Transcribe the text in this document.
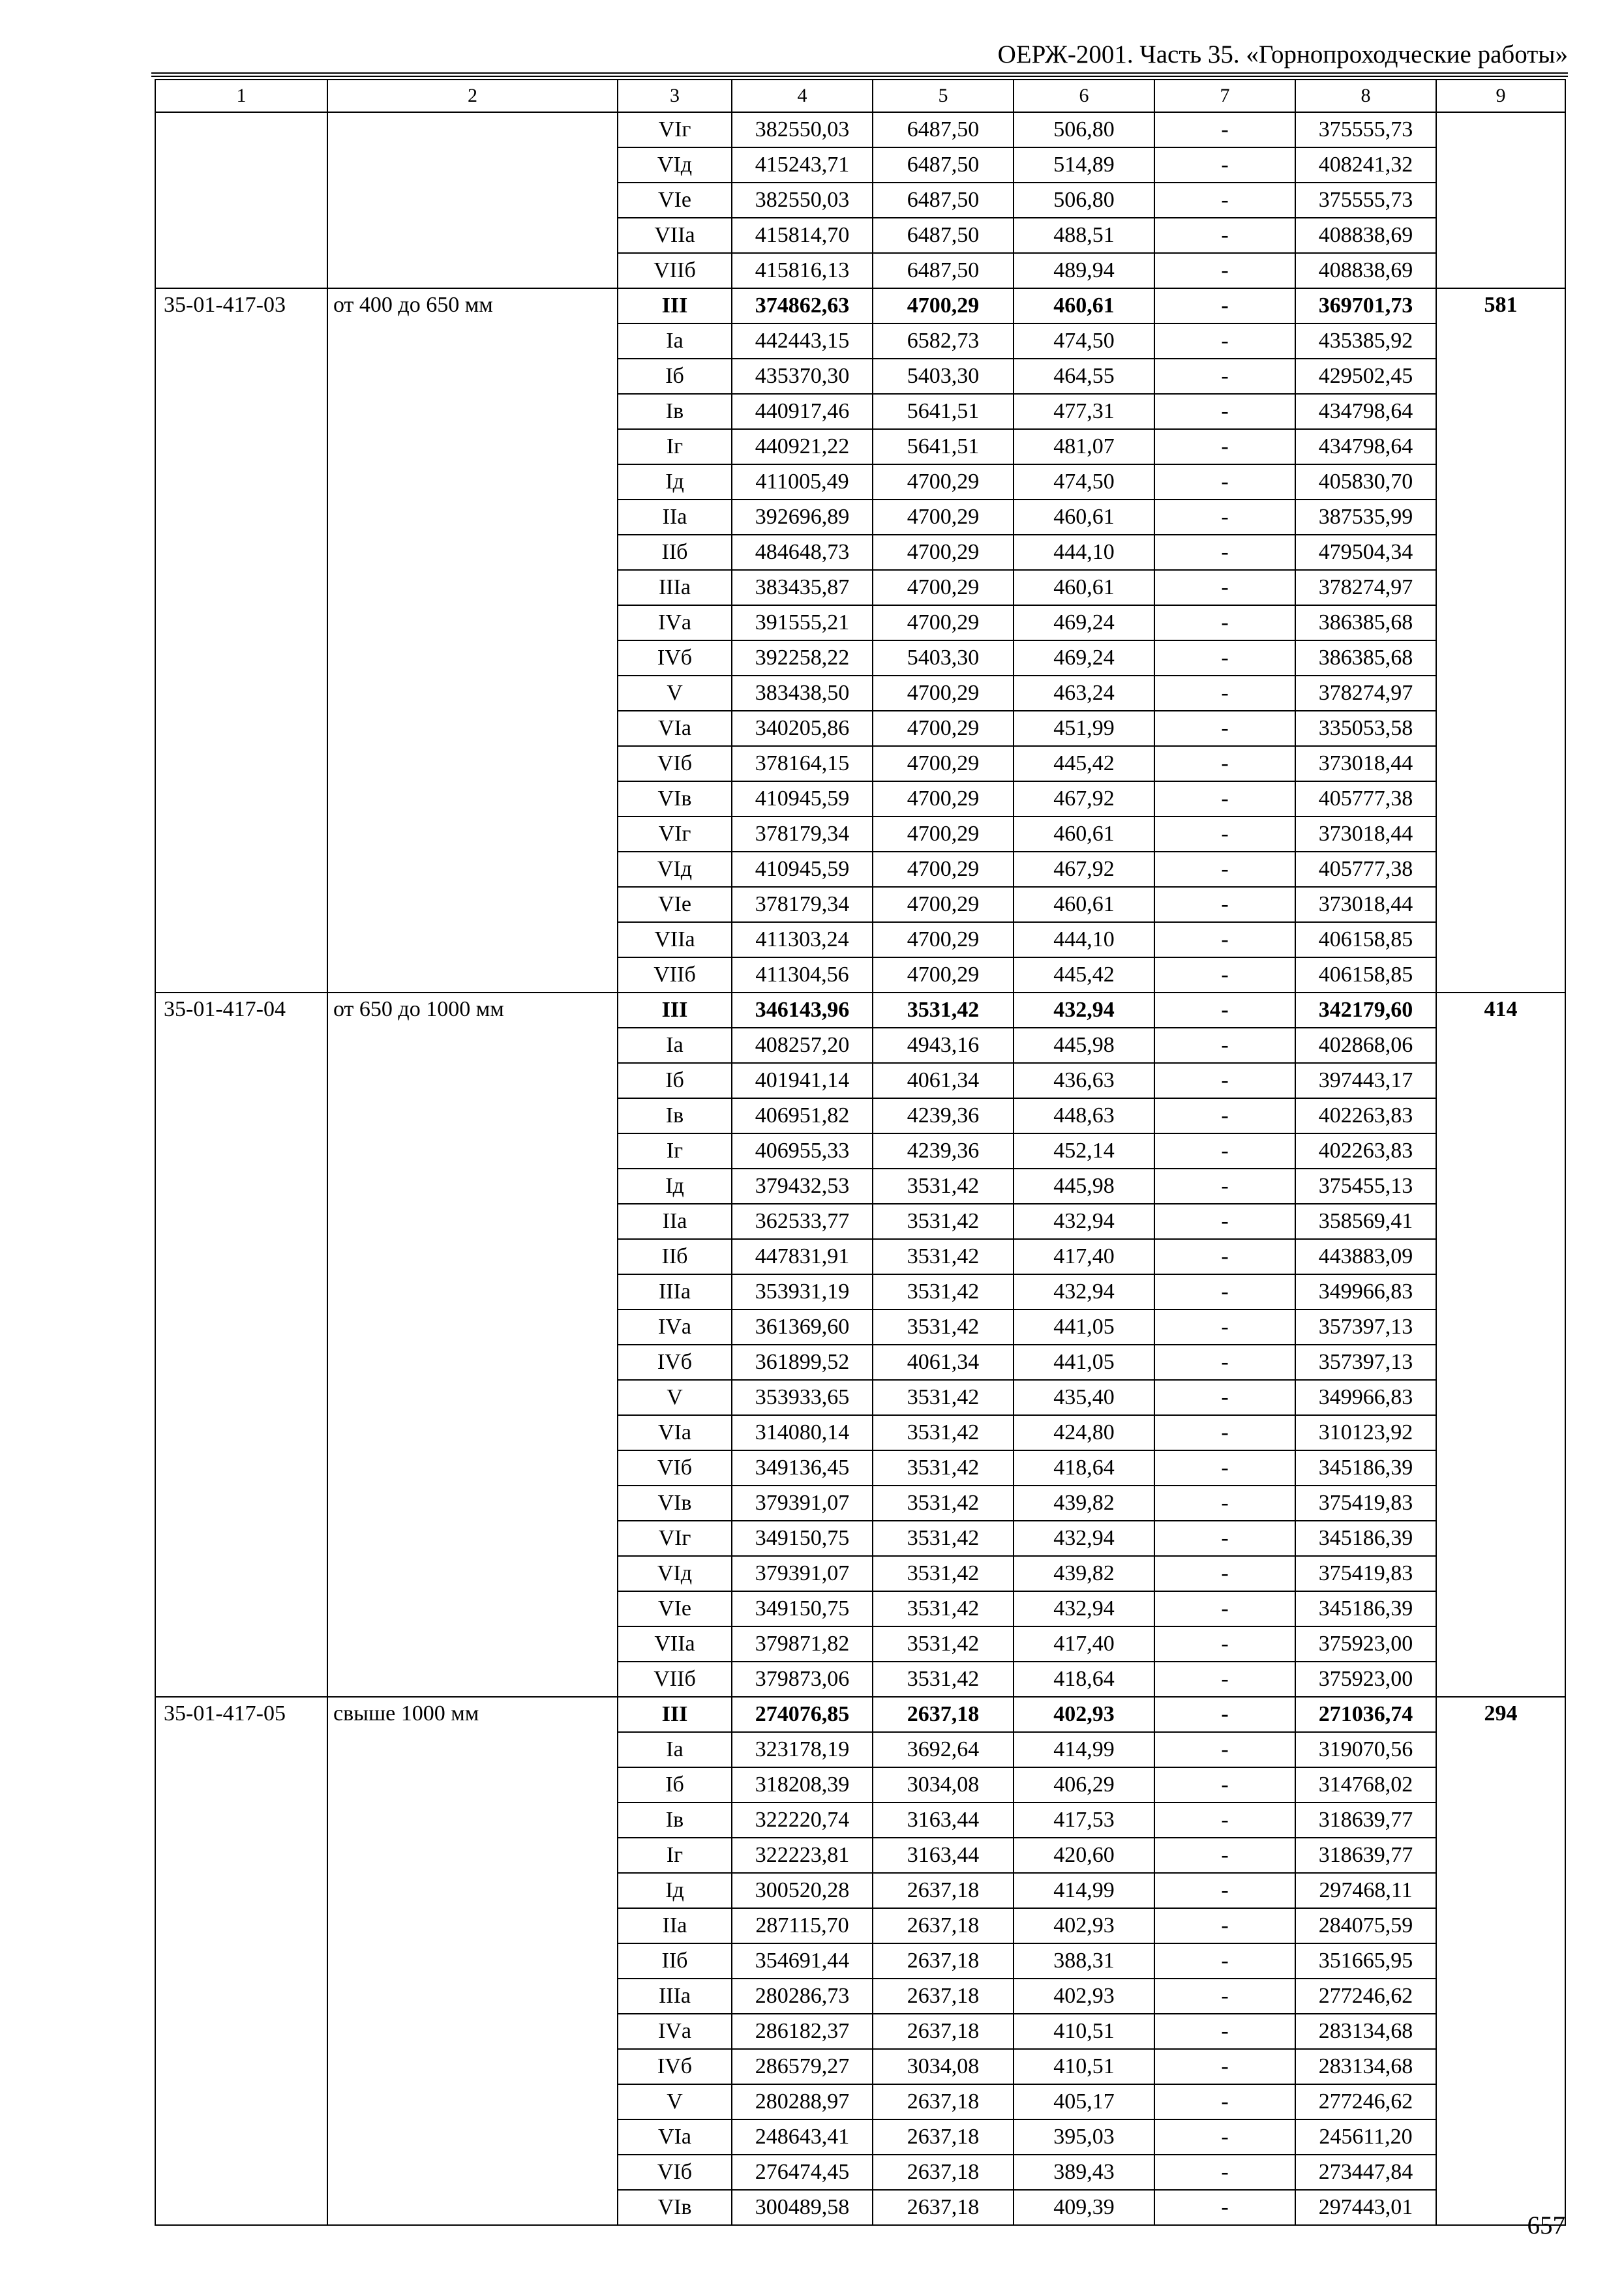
ОЕРЖ-2001. Часть 35. «Горнопроходческие работы»
1	2	3	4	5	6	7	8	9
		VIг	382550,03	6487,50	506,80	-	375555,73	
		VIд	415243,71	6487,50	514,89	-	408241,32	
		VIе	382550,03	6487,50	506,80	-	375555,73	
		VIIа	415814,70	6487,50	488,51	-	408838,69	
		VIIб	415816,13	6487,50	489,94	-	408838,69	
35-01-417-03	от 400 до 650 мм	III	374862,63	4700,29	460,61	-	369701,73	581
		Iа	442443,15	6582,73	474,50	-	435385,92	
		Iб	435370,30	5403,30	464,55	-	429502,45	
		Iв	440917,46	5641,51	477,31	-	434798,64	
		Iг	440921,22	5641,51	481,07	-	434798,64	
		Iд	411005,49	4700,29	474,50	-	405830,70	
		IIа	392696,89	4700,29	460,61	-	387535,99	
		IIб	484648,73	4700,29	444,10	-	479504,34	
		IIIа	383435,87	4700,29	460,61	-	378274,97	
		IVа	391555,21	4700,29	469,24	-	386385,68	
		IVб	392258,22	5403,30	469,24	-	386385,68	
		V	383438,50	4700,29	463,24	-	378274,97	
		VIа	340205,86	4700,29	451,99	-	335053,58	
		VIб	378164,15	4700,29	445,42	-	373018,44	
		VIв	410945,59	4700,29	467,92	-	405777,38	
		VIг	378179,34	4700,29	460,61	-	373018,44	
		VIд	410945,59	4700,29	467,92	-	405777,38	
		VIе	378179,34	4700,29	460,61	-	373018,44	
		VIIа	411303,24	4700,29	444,10	-	406158,85	
		VIIб	411304,56	4700,29	445,42	-	406158,85	
35-01-417-04	от 650 до 1000 мм	III	346143,96	3531,42	432,94	-	342179,60	414
		Iа	408257,20	4943,16	445,98	-	402868,06	
		Iб	401941,14	4061,34	436,63	-	397443,17	
		Iв	406951,82	4239,36	448,63	-	402263,83	
		Iг	406955,33	4239,36	452,14	-	402263,83	
		Iд	379432,53	3531,42	445,98	-	375455,13	
		IIа	362533,77	3531,42	432,94	-	358569,41	
		IIб	447831,91	3531,42	417,40	-	443883,09	
		IIIа	353931,19	3531,42	432,94	-	349966,83	
		IVа	361369,60	3531,42	441,05	-	357397,13	
		IVб	361899,52	4061,34	441,05	-	357397,13	
		V	353933,65	3531,42	435,40	-	349966,83	
		VIа	314080,14	3531,42	424,80	-	310123,92	
		VIб	349136,45	3531,42	418,64	-	345186,39	
		VIв	379391,07	3531,42	439,82	-	375419,83	
		VIг	349150,75	3531,42	432,94	-	345186,39	
		VIд	379391,07	3531,42	439,82	-	375419,83	
		VIе	349150,75	3531,42	432,94	-	345186,39	
		VIIа	379871,82	3531,42	417,40	-	375923,00	
		VIIб	379873,06	3531,42	418,64	-	375923,00	
35-01-417-05	свыше 1000 мм	III	274076,85	2637,18	402,93	-	271036,74	294
		Iа	323178,19	3692,64	414,99	-	319070,56	
		Iб	318208,39	3034,08	406,29	-	314768,02	
		Iв	322220,74	3163,44	417,53	-	318639,77	
		Iг	322223,81	3163,44	420,60	-	318639,77	
		Iд	300520,28	2637,18	414,99	-	297468,11	
		IIа	287115,70	2637,18	402,93	-	284075,59	
		IIб	354691,44	2637,18	388,31	-	351665,95	
		IIIа	280286,73	2637,18	402,93	-	277246,62	
		IVа	286182,37	2637,18	410,51	-	283134,68	
		IVб	286579,27	3034,08	410,51	-	283134,68	
		V	280288,97	2637,18	405,17	-	277246,62	
		VIа	248643,41	2637,18	395,03	-	245611,20	
		VIб	276474,45	2637,18	389,43	-	273447,84	
		VIв	300489,58	2637,18	409,39	-	297443,01	
657
